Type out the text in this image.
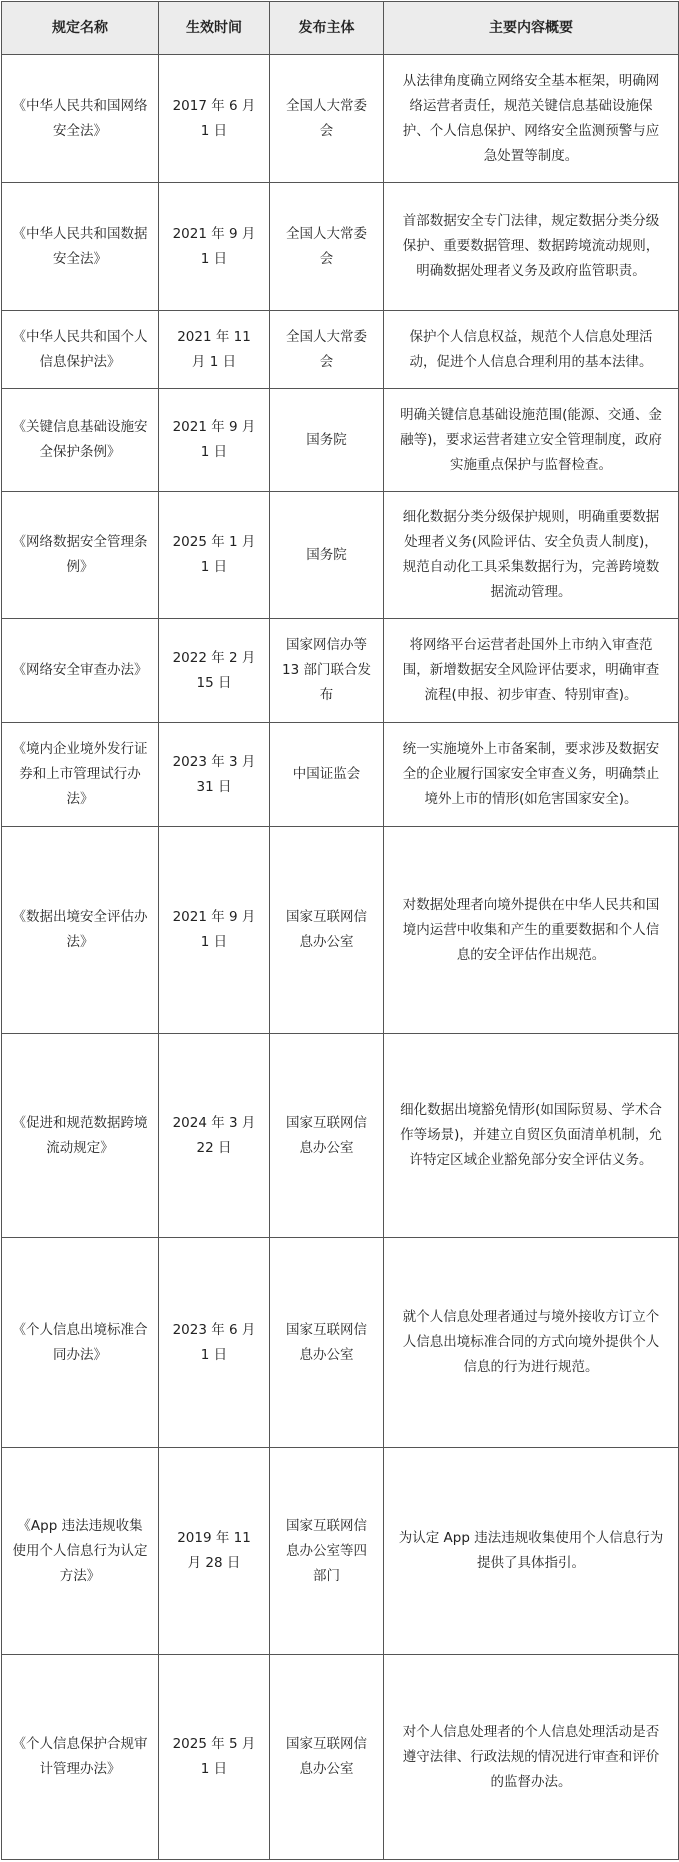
规定名称	生效时间	发布主体	主要内容概要
《中华人民共和国网络安全法》	2017 年 6 月 1 日	全国人大常委会	从法律角度确立网络安全基本框架，明确网络运营者责任，规范关键信息基础设施保护、个人信息保护、网络安全监测预警与应急处置等制度。
《中华人民共和国数据安全法》	2021 年 9 月 1 日	全国人大常委会	首部数据安全专门法律，规定数据分类分级保护、重要数据管理、数据跨境流动规则，明确数据处理者义务及政府监管职责。
《中华人民共和国个人信息保护法》	2021 年 11 月 1 日	全国人大常委会	保护个人信息权益，规范个人信息处理活动，促进个人信息合理利用的基本法律。
《关键信息基础设施安全保护条例》	2021 年 9 月 1 日	国务院	明确关键信息基础设施范围(能源、交通、金融等)，要求运营者建立安全管理制度，政府实施重点保护与监督检查。
《网络数据安全管理条例》	2025 年 1 月 1 日	国务院	细化数据分类分级保护规则，明确重要数据处理者义务(风险评估、安全负责人制度)，规范自动化工具采集数据行为，完善跨境数据流动管理。
《网络安全审查办法》	2022 年 2 月 15 日	国家网信办等 13 部门联合发布	将网络平台运营者赴国外上市纳入审查范围，新增数据安全风险评估要求，明确审查流程(申报、初步审查、特别审查)。
《境内企业境外发行证券和上市管理试行办法》	2023 年 3 月 31 日	中国证监会	统一实施境外上市备案制，要求涉及数据安全的企业履行国家安全审查义务，明确禁止境外上市的情形(如危害国家安全)。
《数据出境安全评估办法》	2021 年 9 月 1 日	国家互联网信息办公室	对数据处理者向境外提供在中华人民共和国境内运营中收集和产生的重要数据和个人信息的安全评估作出规范。
《促进和规范数据跨境流动规定》	2024 年 3 月 22 日	国家互联网信息办公室	细化数据出境豁免情形(如国际贸易、学术合作等场景)，并建立自贸区负面清单机制，允许特定区域企业豁免部分安全评估义务。
《个人信息出境标准合同办法》	2023 年 6 月 1 日	国家互联网信息办公室	就个人信息处理者通过与境外接收方订立个人信息出境标准合同的方式向境外提供个人信息的行为进行规范。
《App 违法违规收集使用个人信息行为认定方法》	2019 年 11 月 28 日	国家互联网信息办公室等四部门	为认定 App 违法违规收集使用个人信息行为提供了具体指引。
《个人信息保护合规审计管理办法》	2025 年 5 月 1 日	国家互联网信息办公室	对个人信息处理者的个人信息处理活动是否遵守法律、行政法规的情况进行审查和评价的监督办法。
